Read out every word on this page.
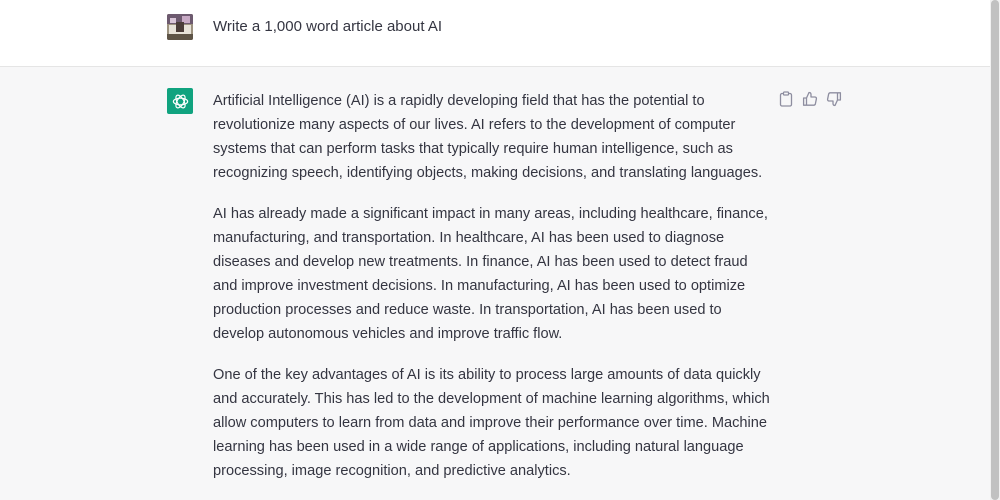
Write a 1,000 word article about AI

Artificial Intelligence (AI) is a rapidly developing field that has the potential to revolutionize many aspects of our lives. AI refers to the development of computer systems that can perform tasks that typically require human intelligence, such as recognizing speech, identifying objects, making decisions, and translating languages.

AI has already made a significant impact in many areas, including healthcare, finance, manufacturing, and transportation. In healthcare, AI has been used to diagnose diseases and develop new treatments. In finance, AI has been used to detect fraud and improve investment decisions. In manufacturing, AI has been used to optimize production processes and reduce waste. In transportation, AI has been used to develop autonomous vehicles and improve traffic flow.

One of the key advantages of AI is its ability to process large amounts of data quickly and accurately. This has led to the development of machine learning algorithms, which allow computers to learn from data and improve their performance over time. Machine learning has been used in a wide range of applications, including natural language processing, image recognition, and predictive analytics.
